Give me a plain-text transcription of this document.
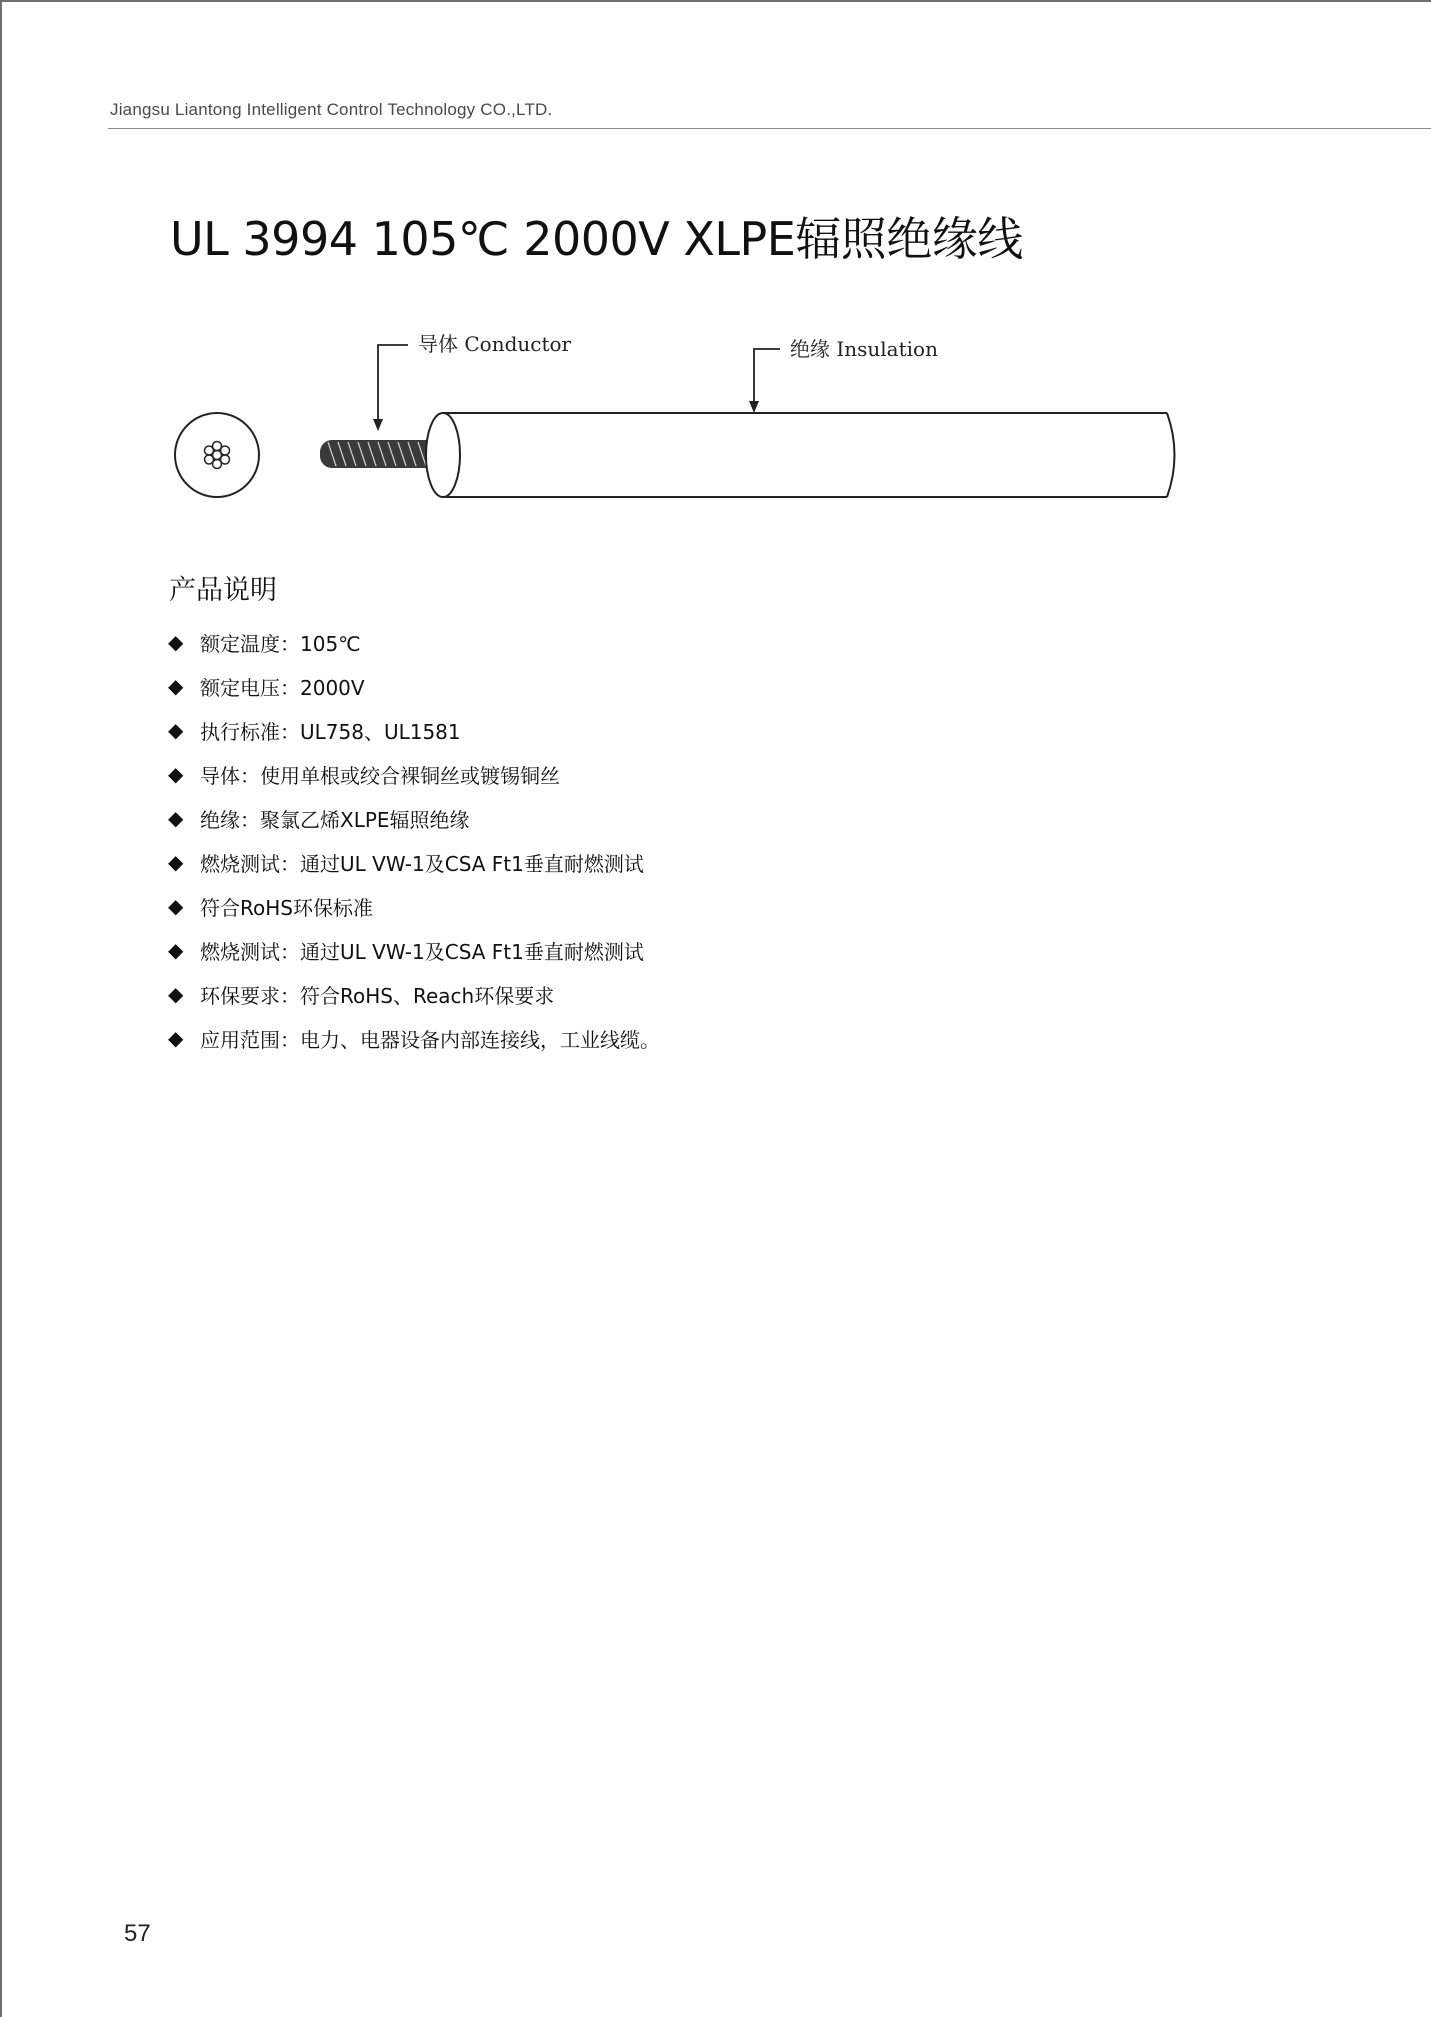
Jiangsu Liantong Intelligent Control Technology CO.,LTD.
UL 3994 105℃ 2000V XLPE辐照绝缘线
导体 Conductor	绝缘 Insulation
产品说明
◆ 额定温度：105℃
◆ 额定电压：2000V
◆ 执行标准：UL758、UL1581
◆ 导体：使用单根或绞合裸铜丝或镀锡铜丝
◆ 绝缘：聚氯乙烯XLPE辐照绝缘
◆ 燃烧测试：通过UL VW-1及CSA Ft1垂直耐燃测试
◆ 符合RoHS环保标准
◆ 燃烧测试：通过UL VW-1及CSA Ft1垂直耐燃测试
◆ 环保要求：符合RoHS、Reach环保要求
◆ 应用范围：电力、电器设备内部连接线，工业线缆。
57
